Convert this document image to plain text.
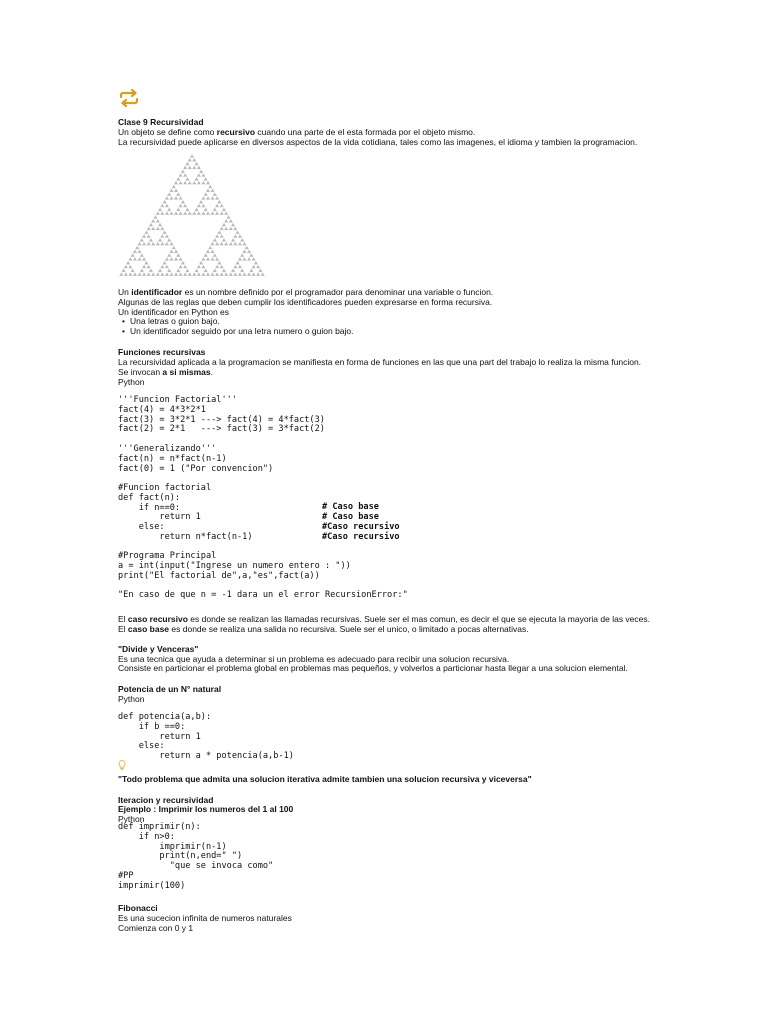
Clase 9 Recursividad
Un objeto se define como recursivo cuando una parte de el esta formada por el objeto mismo.
La recursividad puede aplicarse en diversos aspectos de la vida cotidiana, tales como las imagenes, el idioma y tambien la programacion.
Un identificador es un nombre definido por el programador para denominar una variable o funcion.
Algunas de las reglas que deben cumplir los identificadores pueden expresarse en forma recursiva.
Un identificador en Python es
• Una letras o guion bajo.
• Un identificador seguido por una letra numero o guion bajo.
Funciones recursivas
La recursividad aplicada a la programacion se manifiesta en forma de funciones en las que una part del trabajo lo realiza la misma funcion.
Se invocan a si mismas.
Python
'''Funcion Factorial'''
fact(4) = 4*3*2*1
fact(3) = 3*2*1 ---> fact(4) = 4*fact(3)
fact(2) = 2*1   ---> fact(3) = 3*fact(2)

'''Generalizando'''
fact(n) = n*fact(n-1)
fact(0) = 1 ("Por convencion")

#Funcion factorial
def fact(n):
if n==0:
return 1
else:
return n*fact(n-1)
# Caso base
# Caso base
#Caso recursivo
#Caso recursivo
#Programa Principal
a = int(input("Ingrese un numero entero : "))
print("El factorial de",a,"es",fact(a))

"En caso de que n = -1 dara un el error RecursionError:"
El caso recursivo es donde se realizan las llamadas recursivas. Suele ser el mas comun, es decir el que se ejecuta la mayoria de las veces.
El caso base es donde se realiza una salida no recursiva. Suele ser el unico, o limitado a pocas alternativas.
"Divide y Venceras"
Es una tecnica que ayuda a determinar si un problema es adecuado para recibir una solucion recursiva.
Consiste en particionar el problema global en problemas mas pequeños, y volverlos a particionar hasta llegar a una solucion elemental.
Potencia de un N° natural
Python
def potencia(a,b):
if b ==0:
return 1
else:
return a * potencia(a,b-1)
"Todo problema que admita una solucion iterativa admite tambien una solucion recursiva y viceversa"
Iteracion y recursividad
Ejemplo : Imprimir los numeros del 1 al 100
Python
def imprimir(n):
if n>0:
imprimir(n-1)
print(n,end=" ")
"que se invoca como"
#PP
imprimir(100)
Fibonacci
Es una sucecion infinita de numeros naturales
Comienza con 0 y 1
